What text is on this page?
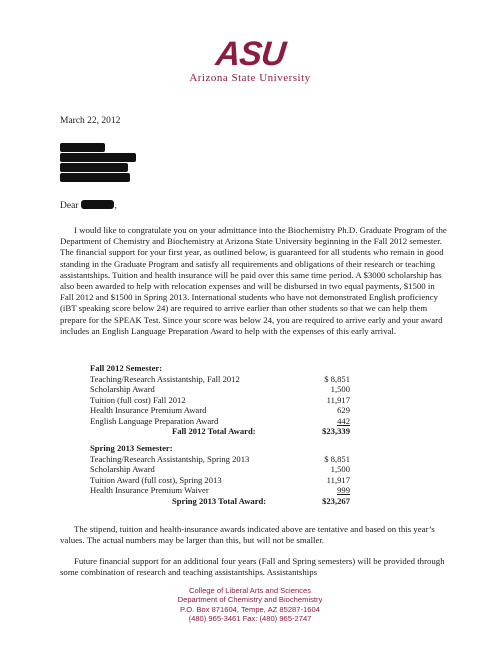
ASU
Arizona State University
March 22, 2012
Dear	,
I would like to congratulate you on your admittance into the Biochemistry Ph.D. Graduate Program of the Department of Chemistry and Biochemistry at Arizona State University beginning in the Fall 2012 semester. The financial support for your first year, as outlined below, is guaranteed for all students who remain in good standing in the Graduate Program and satisfy all requirements and obligations of their research or teaching assistantships. Tuition and health insurance will be paid over this same time period. A $3000 scholarship has also been awarded to help with relocation expenses and will be disbursed in two equal payments, $1500 in Fall 2012 and $1500 in Spring 2013. International students who have not demonstrated English proficiency (iBT speaking score below 24) are required to arrive earlier than other students so that we can help them prepare for the SPEAK Test. Since your score was below 24, you are required to arrive early and your award includes an English Language Preparation Award to help with the expenses of this early arrival.
Fall 2012 Semester:
Teaching/Research Assistantship, Fall 2012	$ 8,851
Scholarship Award	1,500
Tuition (full cost) Fall 2012	11,917
Health Insurance Premium Award	629
English Language Preparation Award	442
Fall 2012 Total Award:	$23,339
Spring 2013 Semester:
Teaching/Research Assistantship, Spring 2013	$ 8,851
Scholarship Award	1,500
Tuition Award (full cost), Spring 2013	11,917
Health Insurance Premium Waiver	999
Spring 2013 Total Award:	$23,267
The stipend, tuition and health-insurance awards indicated above are tentative and based on this year’s values. The actual numbers may be larger than this, but will not be smaller.
Future financial support for an additional four years (Fall and Spring semesters) will be provided through some combination of research and teaching assistantships. Assistantships
College of Liberal Arts and Sciences
Department of Chemistry and Biochemistry
P.O. Box 871604, Tempe, AZ 85287-1604
(480) 965-3461 Fax: (480) 965-2747
